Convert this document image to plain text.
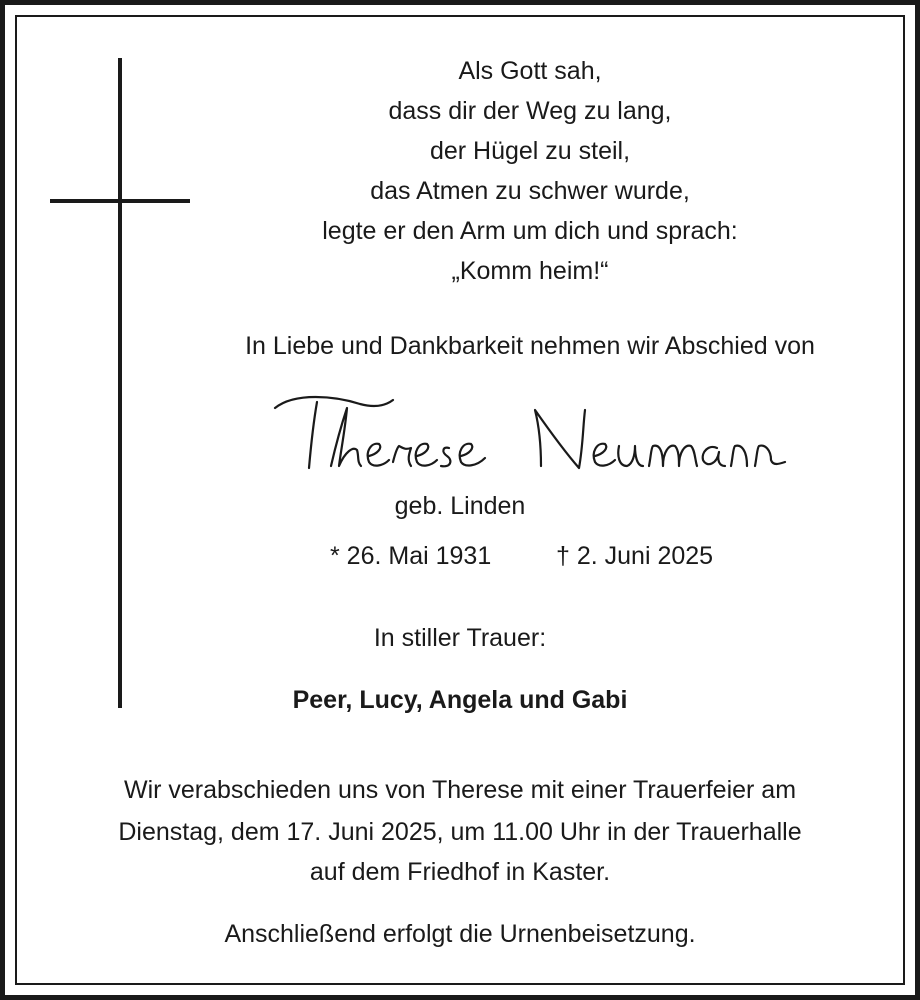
Als Gott sah,
dass dir der Weg zu lang,
der Hügel zu steil,
das Atmen zu schwer wurde,
legte er den Arm um dich und sprach:
„Komm heim!“
In Liebe und Dankbarkeit nehmen wir Abschied von
geb. Linden
* 26. Mai 1931	† 2. Juni 2025
In stiller Trauer:
Peer, Lucy, Angela und Gabi
Wir verabschieden uns von Therese mit einer Trauerfeier am
Dienstag, dem 17. Juni 2025, um 11.00 Uhr in der Trauerhalle
auf dem Friedhof in Kaster.
Anschließend erfolgt die Urnenbeisetzung.
